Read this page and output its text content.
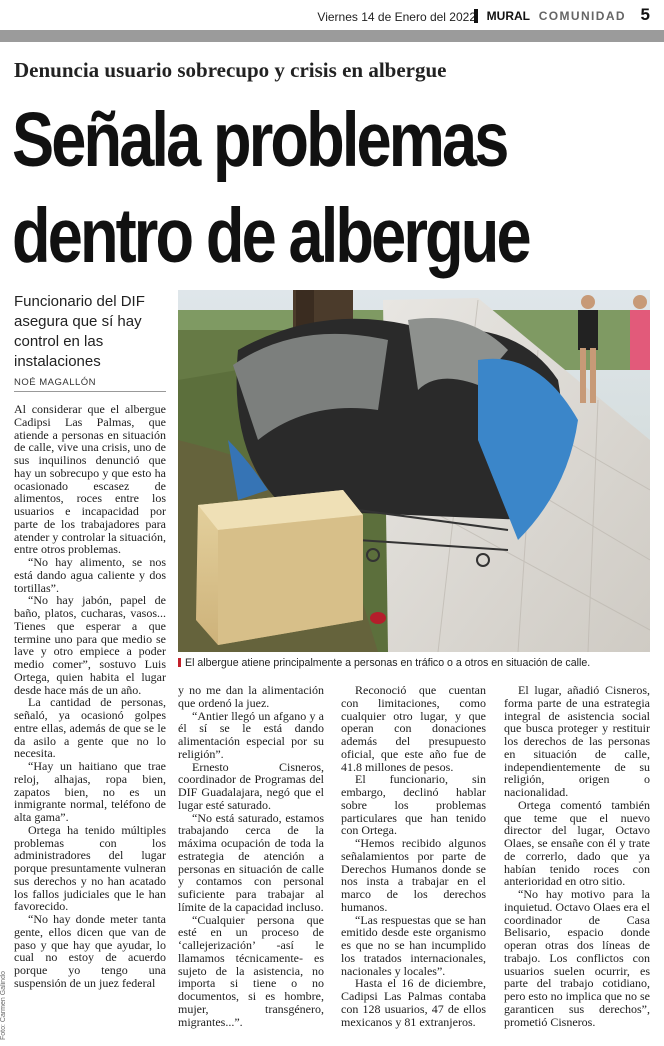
Viernes 14 de Enero del 2022 MURAL COMUNIDAD 5
Denuncia usuario sobrecupo y crisis en albergue
Señala problemas
dentro de albergue
Funcionario del DIF asegura que sí hay control en las instalaciones
NOÉ MAGALLÓN
El albergue atiene principalmente a personas en tráfico o a otros en situación de calle.
Foto: Carmen Galindo

Al considerar que el albergue Cadipsi Las Palmas, que atiende a personas en situación de calle, vive una crisis, uno de sus inquilinos denunció que hay un sobrecupo y que esto ha ocasionado escasez de alimentos, roces entre los usuarios e incapacidad por parte de los trabajadores para atender y controlar la situación, entre otros problemas.

“No hay alimento, se nos está dando agua caliente y dos tortillas”.

“No hay jabón, papel de baño, platos, cucharas, vasos... Tienes que esperar a que termine uno para que medio se lave y otro empiece a poder medio comer”, sostuvo Luis Ortega, quien habita el lugar desde hace más de un año.

La cantidad de personas, señaló, ya ocasionó golpes entre ellas, además de que se le da asilo a gente que no lo necesita.

“Hay un haitiano que trae reloj, alhajas, ropa bien, zapatos bien, no es un inmigrante normal, teléfono de alta gama”.

Ortega ha tenido múltiples problemas con los administradores del lugar porque presuntamente vulneran sus derechos y no han acatado los fallos judiciales que le han favorecido.

“No hay donde meter tanta gente, ellos dicen que van de paso y que hay que ayudar, lo cual no estoy de acuerdo porque yo tengo una suspensión de un juez federal

y no me dan la alimentación que ordenó la juez.

“Antier llegó un afgano y a él sí se le está dando alimentación especial por su religión”.

Ernesto Cisneros, coordinador de Programas del DIF Guadalajara, negó que el lugar esté saturado.

“No está saturado, estamos trabajando cerca de la máxima ocupación de toda la estrategia de atención a personas en situación de calle y contamos con personal suficiente para trabajar al límite de la capacidad incluso.

“Cualquier persona que esté en un proceso de ‘callejerización’ -así le llamamos técnicamente- es sujeto de la asistencia, no importa si tiene o no documentos, si es hombre, mujer, transgénero, migrantes...”.

Reconoció que cuentan con limitaciones, como cualquier otro lugar, y que operan con donaciones además del presupuesto oficial, que este año fue de 41.8 millones de pesos.

El funcionario, sin embargo, declinó hablar sobre los problemas particulares que han tenido con Ortega.

“Hemos recibido algunos señalamientos por parte de Derechos Humanos donde se nos insta a trabajar en el marco de los derechos humanos.

“Las respuestas que se han emitido desde este organismo es que no se han incumplido los tratados internacionales, nacionales y locales”.

Hasta el 16 de diciembre, Cadipsi Las Palmas contaba con 128 usuarios, 47 de ellos mexicanos y 81 extranjeros.

El lugar, añadió Cisneros, forma parte de una estrategia integral de asistencia social que busca proteger y restituir los derechos de las personas en situación de calle, independientemente de su religión, origen o nacionalidad.

Ortega comentó también que teme que el nuevo director del lugar, Octavo Olaes, se ensañe con él y trate de correrlo, dado que ya habían tenido roces con anterioridad en otro sitio.

“No hay motivo para la inquietud. Octavo Olaes era el coordinador de Casa Belisario, espacio donde operan otras dos líneas de trabajo. Los conflictos con usuarios suelen ocurrir, es parte del trabajo cotidiano, pero esto no implica que no se garanticen sus derechos”, prometió Cisneros.
